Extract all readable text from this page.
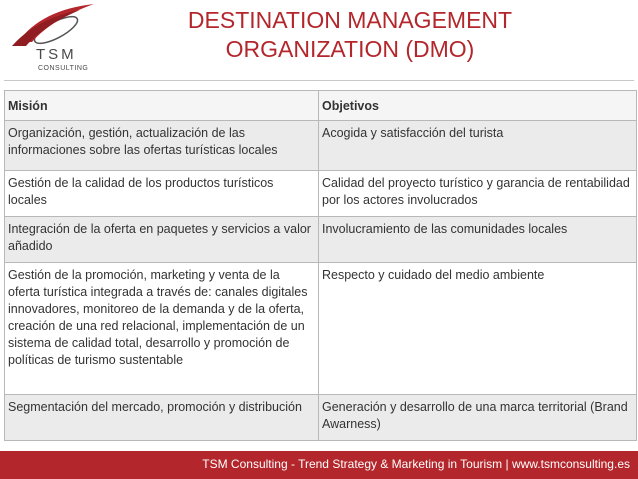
TSM
CONSULTING
DESTINATION MANAGEMENT
ORGANIZATION (DMO)
Misión	Objetivos
Organización, gestión, actualización de las informaciones sobre las ofertas turísticas locales	Acogida y satisfacción del turista
Gestión de la calidad de los productos turísticos locales	Calidad del proyecto turístico y garancia de rentabilidad por los actores involucrados
Integración de la oferta en paquetes y servicios a valor añadido	Involucramiento de las comunidades locales
Gestión de la promoción, marketing y venta de la oferta turística integrada a través de: canales digitales innovadores, monitoreo de la demanda y de la oferta, creación de una red relacional, implementación de un sistema de calidad total, desarrollo y promoción de políticas de turismo sustentable	Respecto y cuidado del medio ambiente
Segmentación del mercado, promoción y distribución	Generación y desarrollo de una marca territorial (Brand Awarness)
TSM Consulting - Trend Strategy & Marketing in Tourism | www.tsmconsulting.es
